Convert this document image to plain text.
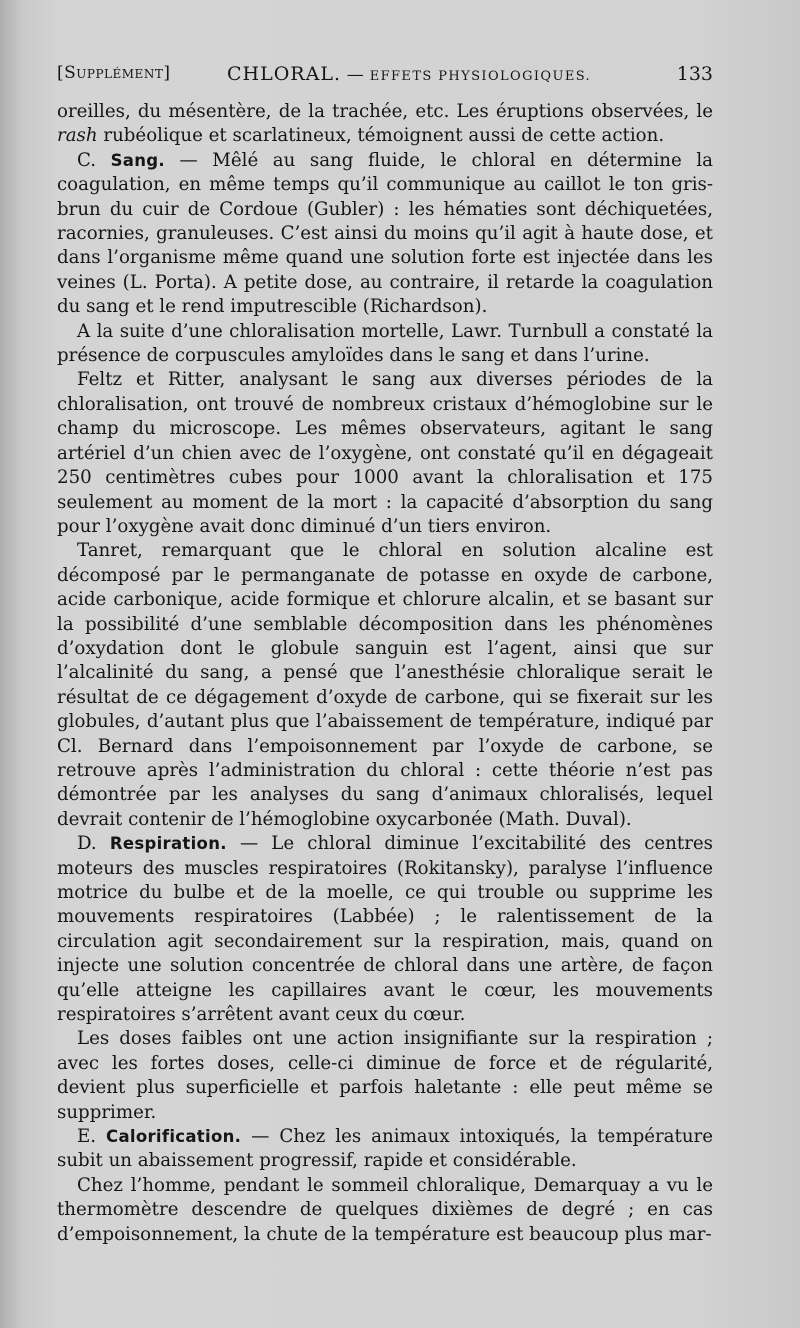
[Supplément]	CHLORAL. — EFFETS PHYSIOLOGIQUES.	133

oreilles, du mésentère, de la trachée, etc. Les éruptions observées, le rash rubéolique et scarlatineux, témoignent aussi de cette action.

C. Sang. — Mêlé au sang fluide, le chloral en détermine la coagulation, en même temps qu’il communique au caillot le ton gris-brun du cuir de Cordoue (Gubler) : les hématies sont déchiquetées, racornies, granuleuses. C’est ainsi du moins qu’il agit à haute dose, et dans l’organisme même quand une solution forte est injectée dans les veines (L. Porta). A petite dose, au contraire, il retarde la coagulation du sang et le rend imputrescible (Richardson).

A la suite d’une chloralisation mortelle, Lawr. Turnbull a constaté la présence de corpuscules amyloïdes dans le sang et dans l’urine.

Feltz et Ritter, analysant le sang aux diverses périodes de la chloralisation, ont trouvé de nombreux cristaux d’hémoglobine sur le champ du microscope. Les mêmes observateurs, agitant le sang artériel d’un chien avec de l’oxygène, ont constaté qu’il en dégageait 250 centimètres cubes pour 1000 avant la chloralisation et 175 seulement au moment de la mort : la capacité d’absorption du sang pour l’oxygène avait donc diminué d’un tiers environ.

Tanret, remarquant que le chloral en solution alcaline est décomposé par le permanganate de potasse en oxyde de carbone, acide carbonique, acide formique et chlorure alcalin, et se basant sur la possibilité d’une semblable décomposition dans les phénomènes d’oxydation dont le globule sanguin est l’agent, ainsi que sur l’alcalinité du sang, a pensé que l’anesthésie chloralique serait le résultat de ce dégagement d’oxyde de carbone, qui se fixerait sur les globules, d’autant plus que l’abaissement de température, indiqué par Cl. Bernard dans l’empoisonnement par l’oxyde de carbone, se retrouve après l’administration du chloral : cette théorie n’est pas démontrée par les analyses du sang d’animaux chloralisés, lequel devrait contenir de l’hémoglobine oxycarbonée (Math. Duval).

D. Respiration. — Le chloral diminue l’excitabilité des centres moteurs des muscles respiratoires (Rokitansky), paralyse l’influence motrice du bulbe et de la moelle, ce qui trouble ou supprime les mouvements respiratoires (Labbée) ; le ralentissement de la circulation agit secondairement sur la respiration, mais, quand on injecte une solution concentrée de chloral dans une artère, de façon qu’elle atteigne les capillaires avant le cœur, les mouvements respiratoires s’arrêtent avant ceux du cœur.

Les doses faibles ont une action insignifiante sur la respiration ; avec les fortes doses, celle-ci diminue de force et de régularité, devient plus superficielle et parfois haletante : elle peut même se supprimer.

E. Calorification. — Chez les animaux intoxiqués, la température subit un abaissement progressif, rapide et considérable.

Chez l’homme, pendant le sommeil chloralique, Demarquay a vu le thermomètre descendre de quelques dixièmes de degré ; en cas d’empoisonnement, la chute de la température est beaucoup plus mar-
